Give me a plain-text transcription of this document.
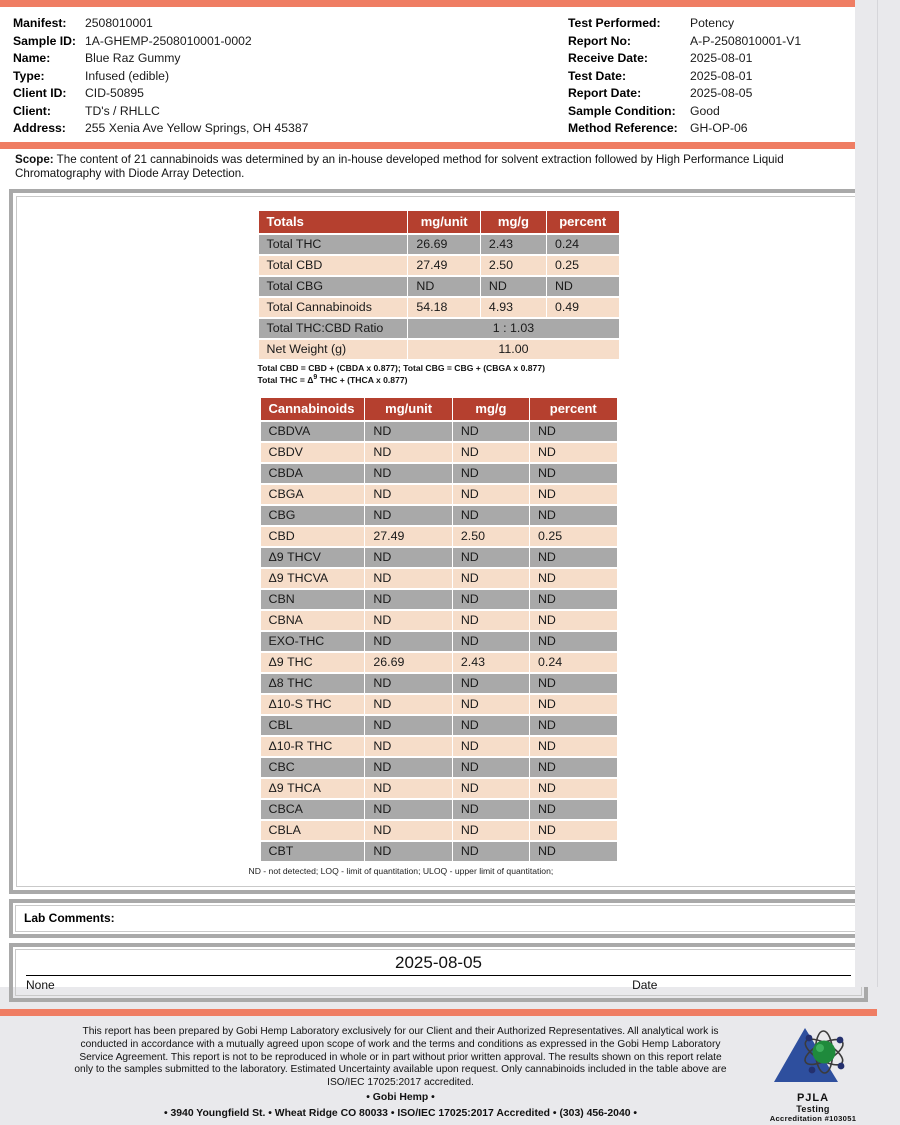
Manifest:	2508010001
Sample ID: 1A-GHEMP-2508010001-0002
Name:	Blue Raz Gummy
Type:	Infused (edible)
Client ID:	CID-50895
Client:	TD's / RHLLC
Address:	255 Xenia Ave Yellow Springs, OH 45387
Test Performed:	Potency
Report No:	A-P-2508010001-V1
Receive Date:	2025-08-01
Test Date:	2025-08-01
Report Date:	2025-08-05
Sample Condition:	Good
Method Reference:	GH-OP-06
Scope: The content of 21 cannabinoids was determined by an in-house developed method for solvent extraction followed by High Performance Liquid Chromatography with Diode Array Detection.
Totals	mg/unit	mg/g	percent
Total THC	26.69	2.43	0.24
Total CBD	27.49	2.50	0.25
Total CBG	ND	ND	ND
Total Cannabinoids	54.18	4.93	0.49
Total THC:CBD Ratio	1 : 1.03		
Net Weight (g)	11.00		
Total CBD = CBD + (CBDA x 0.877); Total CBG = CBG + (CBGA x 0.877)
Total THC = $\Delta^9$ THC + (THCA x 0.877)
Cannabinoids	mg/unit	mg/g	percent
CBDVA	ND	ND	ND
CBDV	ND	ND	ND
CBDA	ND	ND	ND
CBGA	ND	ND	ND
CBG	ND	ND	ND
CBD	27.49	2.50	0.25
Δ9 THCV	ND	ND	ND
Δ9 THCVA	ND	ND	ND
CBN	ND	ND	ND
CBNA	ND	ND	ND
EXO-THC	ND	ND	ND
Δ9 THC	26.69	2.43	0.24
Δ8 THC	ND	ND	ND
Δ10-S THC	ND	ND	ND
CBL	ND	ND	ND
Δ10-R THC	ND	ND	ND
CBC	ND	ND	ND
Δ9 THCA	ND	ND	ND
CBCA	ND	ND	ND
CBLA	ND	ND	ND
CBT	ND	ND	ND
ND - not detected; LOQ - limit of quantitation; ULOQ - upper limit of quantitation;
Lab Comments:
2025-08-05
None	Date

This report has been prepared by Gobi Hemp Laboratory exclusively for our Client and their Authorized Representatives. All analytical work is conducted in accordance with a mutually agreed upon scope of work and the terms and conditions as expressed in the Gobi Hemp Laboratory Service Agreement. This report is not to be reproduced in whole or in part without prior written approval. The results shown on this report relate only to the samples submitted to the laboratory. Estimated Uncertainty available upon request. Only cannabinoids included in the table above are ISO/IEC 17025:2017 accredited.

• Gobi Hemp •

• 3940 Youngfield St. • Wheat Ridge CO 80033 • ISO/IEC 17025:2017 Accredited • (303) 456-2040 •

PJLA
Testing
Accreditation #103051
